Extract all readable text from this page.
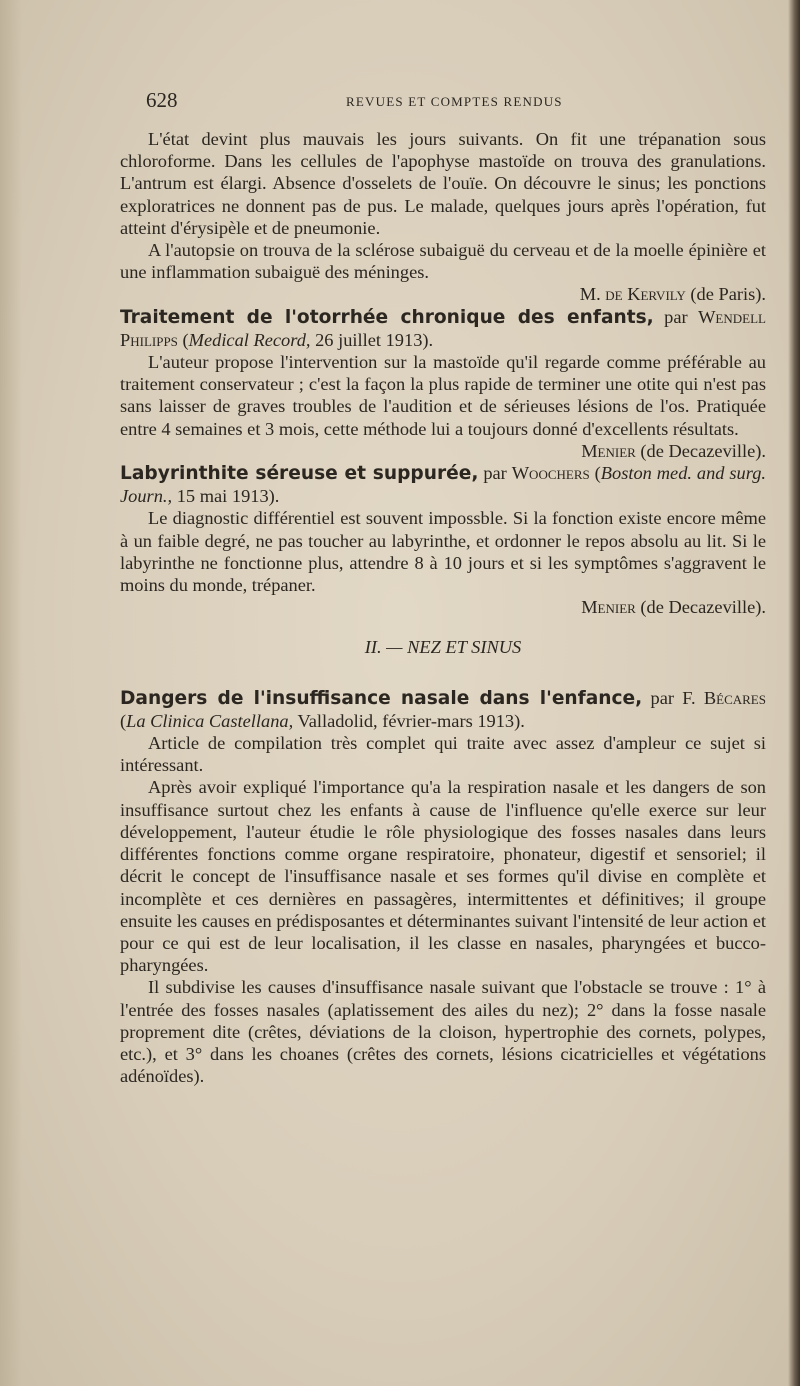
628	REVUES ET COMPTES RENDUS

L'état devint plus mauvais les jours suivants. On fit une trépanation sous chloroforme. Dans les cellules de l'apophyse mastoïde on trouva des granulations. L'antrum est élargi. Absence d'osselets de l'ouïe. On découvre le sinus; les ponctions exploratrices ne donnent pas de pus. Le malade, quelques jours après l'opération, fut atteint d'érysipèle et de pneumonie.

A l'autopsie on trouva de la sclérose subaiguë du cerveau et de la moelle épinière et une inflammation subaiguë des méninges.

M. de Kervily (de Paris).

Traitement de l'otorrhée chronique des enfants, par Wendell Philipps (Medical Record, 26 juillet 1913).

L'auteur propose l'intervention sur la mastoïde qu'il regarde comme préférable au traitement conservateur ; c'est la façon la plus rapide de terminer une otite qui n'est pas sans laisser de graves troubles de l'audition et de sérieuses lésions de l'os. Pratiquée entre 4 semaines et 3 mois, cette méthode lui a toujours donné d'excellents résultats.

Menier (de Decazeville).

Labyrinthite séreuse et suppurée, par Woochers (Boston med. and surg. Journ., 15 mai 1913).

Le diagnostic différentiel est souvent impossble. Si la fonction existe encore même à un faible degré, ne pas toucher au labyrinthe, et ordonner le repos absolu au lit. Si le labyrinthe ne fonctionne plus, attendre 8 à 10 jours et si les symptômes s'aggravent le moins du monde, trépaner.

Menier (de Decazeville).

II. — NEZ ET SINUS

Dangers de l'insuffisance nasale dans l'enfance, par F. Bécares (La Clinica Castellana, Valladolid, février-mars 1913).

Article de compilation très complet qui traite avec assez d'ampleur ce sujet si intéressant.

Après avoir expliqué l'importance qu'a la respiration nasale et les dangers de son insuffisance surtout chez les enfants à cause de l'influence qu'elle exerce sur leur développement, l'auteur étudie le rôle physiologique des fosses nasales dans leurs différentes fonctions comme organe respiratoire, phonateur, digestif et sensoriel; il décrit le concept de l'insuffisance nasale et ses formes qu'il divise en complète et incomplète et ces dernières en passagères, intermittentes et définitives; il groupe ensuite les causes en prédisposantes et déterminantes suivant l'intensité de leur action et pour ce qui est de leur localisation, il les classe en nasales, pharyngées et bucco-pharyngées.

Il subdivise les causes d'insuffisance nasale suivant que l'obstacle se trouve : 1° à l'entrée des fosses nasales (aplatissement des ailes du nez); 2° dans la fosse nasale proprement dite (crêtes, déviations de la cloison, hypertrophie des cornets, polypes, etc.), et 3° dans les choanes (crêtes des cornets, lésions cicatricielles et végétations adénoïdes).
